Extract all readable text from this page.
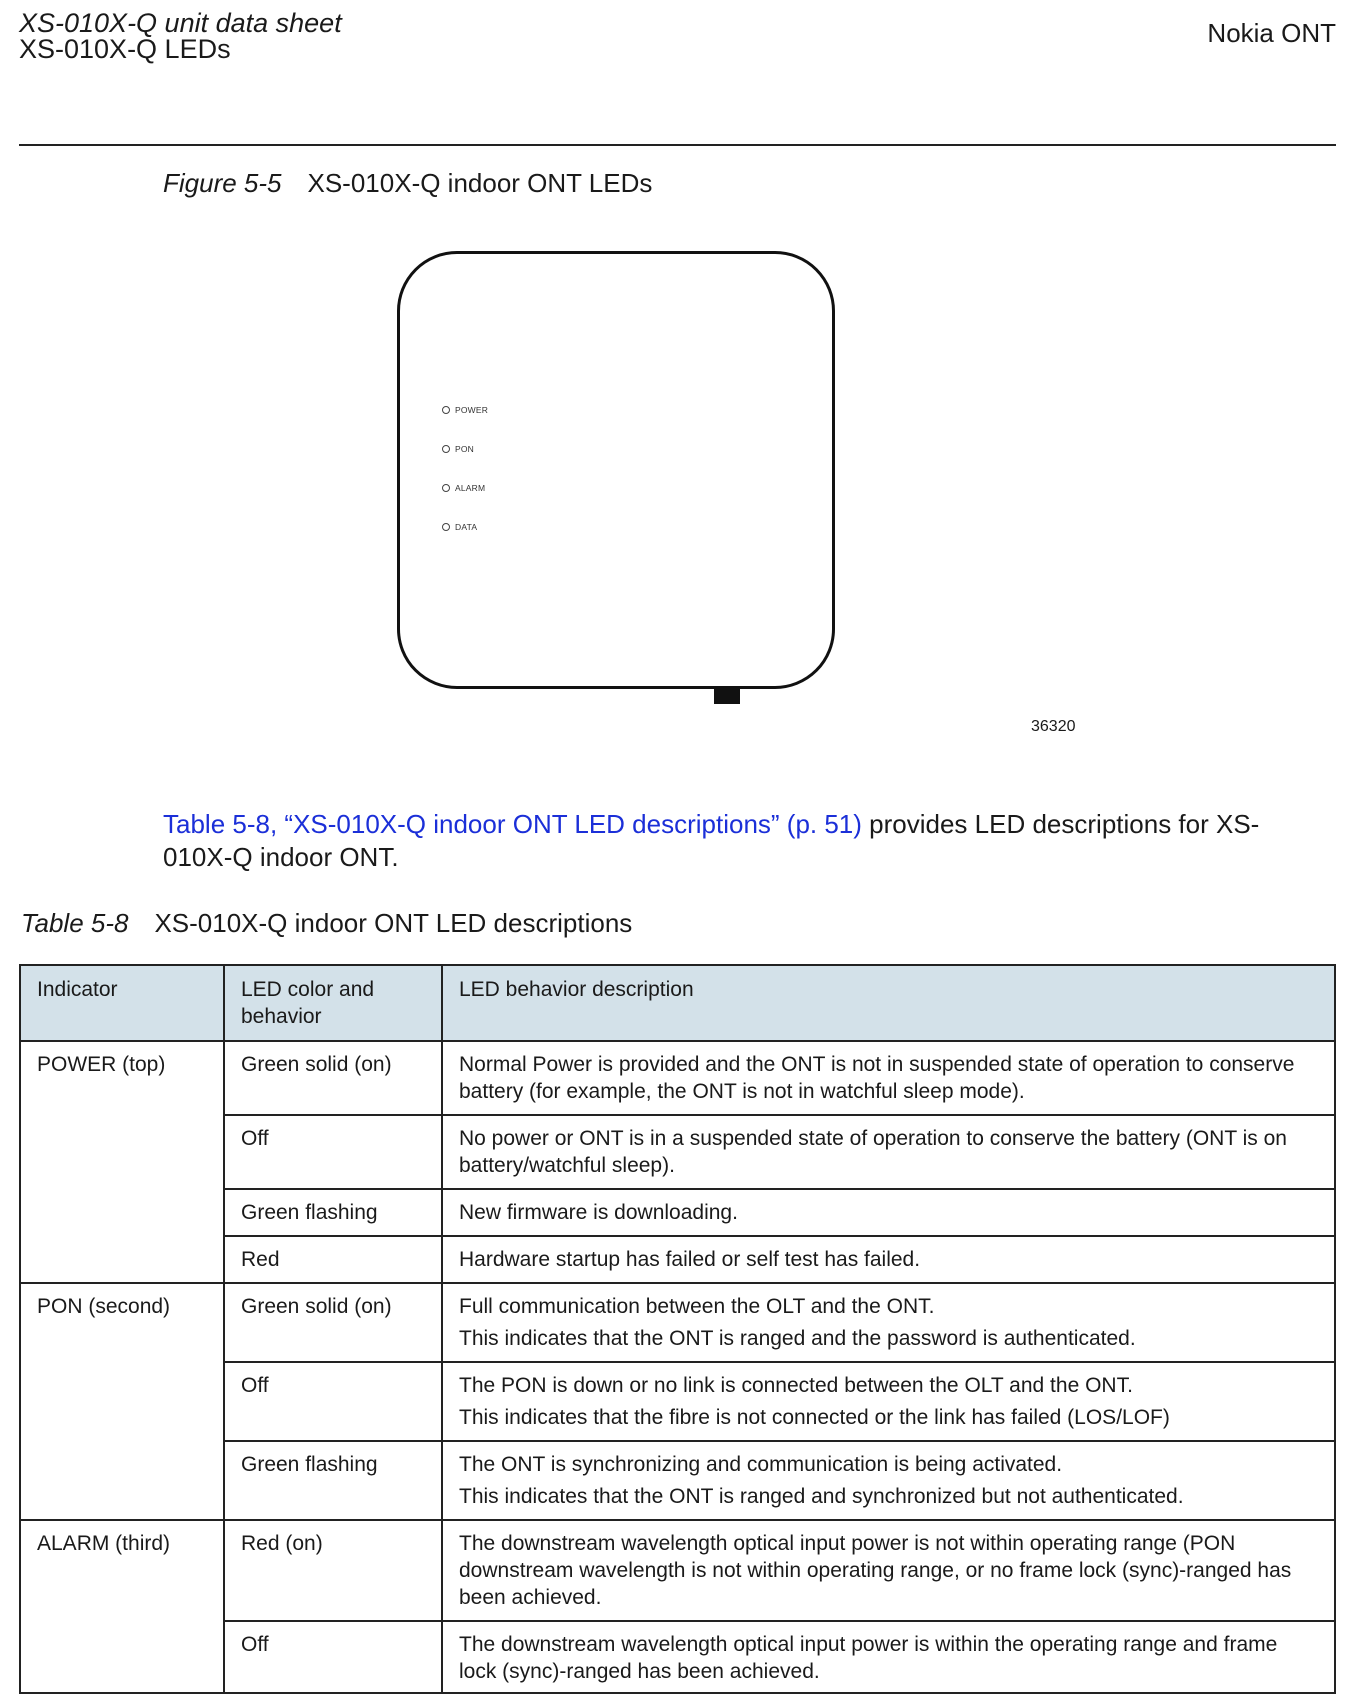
XS-010X-Q unit data sheet
XS-010X-Q LEDs
Nokia ONT
Figure 5-5 XS-010X-Q indoor ONT LEDs
POWER
PON
ALARM
DATA
36320
Table 5-8, “XS-010X-Q indoor ONT LED descriptions” (p. 51) provides LED descriptions for XS-010X-Q indoor ONT.
Table 5-8 XS-010X-Q indoor ONT LED descriptions
Indicator	LED color and behavior	LED behavior description
POWER (top)	Green solid (on)	Normal Power is provided and the ONT is not in suspended state of operation to conserve battery (for example, the ONT is not in watchful sleep mode).

	Off	No power or ONT is in a suspended state of operation to conserve the battery (ONT is on battery/watchful sleep).

	Green flashing	New firmware is downloading.

	Red	Hardware startup has failed or self test has failed.

PON (second)	Green solid (on)	Full communication between the OLT and the ONT.
This indicates that the ONT is ranged and the password is authenticated.

	Off	The PON is down or no link is connected between the OLT and the ONT.
This indicates that the fibre is not connected or the link has failed (LOS/LOF)

	Green flashing	The ONT is synchronizing and communication is being activated.
This indicates that the ONT is ranged and synchronized but not authenticated.

ALARM (third)	Red (on)	The downstream wavelength optical input power is not within operating range (PON downstream wavelength is not within operating range, or no frame lock (sync)-ranged has been achieved.

	Off	The downstream wavelength optical input power is within the operating range and frame lock (sync)-ranged has been achieved.
